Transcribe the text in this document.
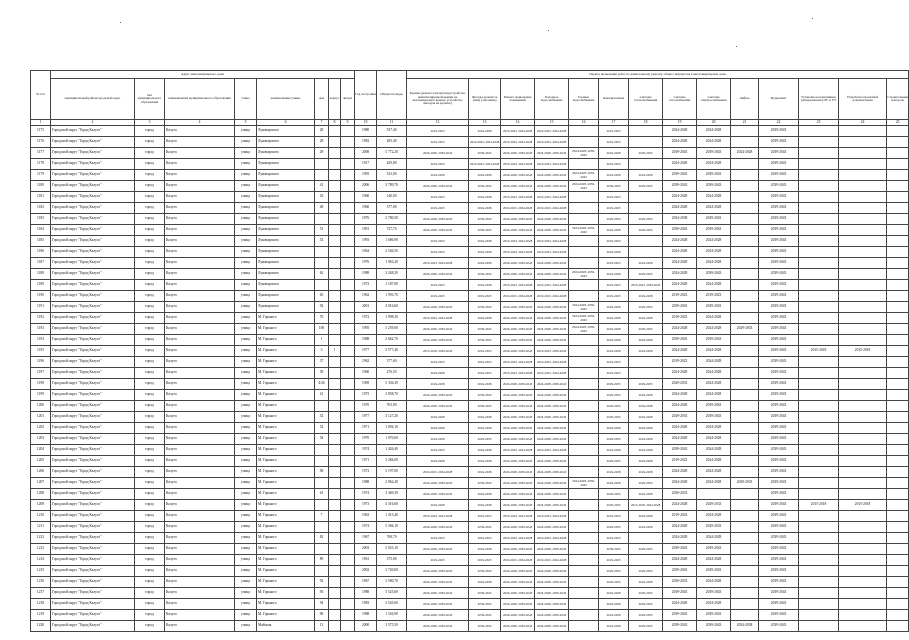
№ п/п	Адрес многоквартирного дома								Год постройки	Общая площадь	Период проведения работ по капитальному ремонту общего имущества в многоквартирном доме													
	муниципальный район/городской округ	тип муниципального образования	наименование муниципального образования	улица	наименование улицы	дом	корпус	литера			Крыша (ремонт и (или) переустройство невентилируемой крыши на вентилируемую крышу, устройство выходов на кровлю)	Фасады (ремонт и (или) утепление)	Ремонт подвальных помещений	Холодное водоснабжение	Горячее водоснабжение	Канализование	Система теплоснабжения	Система газоснабжения	Система электроснабжения	Лифты	Фундамент	Установка коллективных (общедомовых) ПУ и УУ	Разработка проектной документации	Строительный контроль
1	2	3	4	5	6	7	8	9	10	11	12	13	14	15	16	17	18	19	20	21	22	23	24	25
1175	Городской округ "Город Калуга"	город	Калуга	улица	Луначарского	28			1980	537,40	2019-2023	2024-2028	2019-2023, 2024-2028	2019-2023, 2024-2028		2019-2023		2024-2028	2024-2028		2039-2043			
1176	Городской округ "Город Калуга"	город	Калуга	улица	Луначарского	28			1982	283,40	2019-2023	2019-2023, 2024-2028	2019-2023, 2024-2028	2019-2023, 2024-2028		2019-2023		2024-2028	2024-2028		2039-2043			
1177	Городской округ "Город Калуга"	город	Калуга	улица	Луначарского	29			2008	5 772,20	2024-2028, 2039-2043	2039-2043	2024-2028, 2039-2043	2024-2028, 2039-2043	2024-2028, 2039-2043	2024-2028	2029-2033	2039-2043	2039-2043	2024-2028	2039-2043			
1178	Городской округ "Город Калуга"	город	Калуга	улица	Луначарского				1917	429,80	2019-2023	2019-2023, 2024-2028	2019-2023, 2024-2028	2019-2023, 2024-2028		2019-2023		2024-2028	2024-2028		2039-2043			
1179	Городской округ "Город Калуга"	город	Калуга	улица	Луначарского				1995	523,00	2024-2028	2024-2028	2024-2028, 2039-2043	2024-2028, 2039-2043	2024-2028, 2039-2043	2024-2028	2024-2028	2039-2043	2039-2043		2039-2043			
1180	Городской округ "Город Калуга"	город	Калуга	улица	Луначарского	41			2006	3 789,70	2024-2028, 2039-2043	2039-2043	2024-2028, 2039-2043	2024-2028, 2039-2043	2024-2028, 2039-2043	2039-2043	2029-2033	2039-2043	2039-2043		2039-2043			
1181	Городской округ "Город Калуга"	город	Калуга	улица	Луначарского	43			1960	140,00	2019-2023	2024-2028	2019-2023, 2024-2028	2019-2023, 2024-2028		2019-2023		2024-2028	2024-2028		2039-2043			
1182	Городской округ "Город Калуга"	город	Калуга	улица	Луначарского	48			1960	377,00	2019-2023	2024-2028	2019-2023, 2024-2028	2019-2023, 2024-2028		2019-2023		2024-2028	2024-2028		2039-2043			
1183	Городской округ "Город Калуга"	город	Калуга	улица	Луначарского				1976	2 780,50	2024-2028, 2039-2043	2039-2043	2024-2028, 2039-2043	2024-2028, 2039-2043		2029-2033	2029-2033	2034-2038	2039-2043		2039-2043			
1184	Городской округ "Город Калуга"	город	Калуга	улица	Луначарского	51			1991	727,70	2024-2028, 2039-2043	2039-2043	2024-2028, 2039-2043	2024-2028, 2039-2043	2024-2028, 2039-2043	2024-2028	2029-2033	2039-2043	2039-2043		2039-2043			
1185	Городской округ "Город Калуга"	город	Калуга	улица	Луначарского	53			1993	1 686,90	2019-2023	2024-2028	2019-2023, 2024-2028	2019-2023, 2024-2028		2019-2023		2024-2028	2024-2028		2039-2043			
1186	Городской округ "Город Калуга"	город	Калуга	улица	Луначарского				1964	2 546,50	2019-2023	2024-2028	2019-2023, 2024-2028	2019-2023, 2024-2028		2024-2028		2024-2028	2024-2028		2039-2043			
1187	Городской округ "Город Калуга"	город	Калуга	улица	Луначарского				1976	1 963,20	2019-2023, 2024-2028	2024-2028	2024-2028, 2039-2043	2024-2028, 2039-2043		2019-2023	2024-2028	2024-2028	2024-2028		2039-2043			
1188	Городской округ "Город Калуга"	город	Калуга	улица	Луначарского	62			1988	3 248,20	2024-2028, 2039-2043	2039-2043	2024-2028, 2039-2043	2024-2028, 2039-2043	2024-2028, 2039-2043	2024-2028	2029-2033	2024-2028	2039-2043		2039-2043			
1189	Городской округ "Город Калуга"	город	Калуга	улица	Луначарского				1972	1 187,80	2019-2023	2024-2028	2019-2023, 2024-2028	2019-2023, 2024-2028		2019-2023	2019-2023, 2039-2043	2024-2028	2024-2028		2039-2043			
1190	Городской округ "Город Калуга"	город	Калуга	улица	Луначарского	65			1962	1 993,70	2019-2023	2019-2023	2019-2023, 2024-2028	2019-2023, 2024-2028		2019-2023	2024-2028	2019-2023	2019-2023		2039-2043			
1191	Городской округ "Город Калуга"	город	Калуга	улица	Луначарского	92			2001	4 016,60	2024-2028, 2039-2043	2039-2043	2024-2028, 2039-2043	2024-2028, 2039-2043	2024-2028, 2039-2043	2024-2028	2029-2033	2039-2043	2039-2043		2039-2043			
1192	Городской округ "Город Калуга"	город	Калуга	улица	М. Горького	70			1972	1 998,30	2019-2023, 2024-2028	2024-2028	2024-2028, 2039-2043	2024-2028, 2039-2043	2024-2028, 2039-2043	2024-2028	2024-2028	2019-2023	2024-2028		2039-2043			
1193	Городской округ "Город Калуга"	город	Калуга	улица	М. Горького	100			1995	3 259,00	2024-2028, 2039-2043	2039-2043	2024-2028, 2039-2043	2024-2028, 2039-2043	2024-2028, 2039-2043	2024-2028	2029-2033	2024-2028	2024-2028	2029-2033	2039-2043			
1194	Городской округ "Город Калуга"	город	Калуга	улица	М. Горького	1			1988	2 662,70	2024-2028, 2039-2043	2039-2043	2024-2028, 2039-2043	2024-2028, 2039-2043		2024-2028	2024-2028	2039-2043	2039-2043		2039-2043			
1195	Городской округ "Город Калуга"	город	Калуга	улица	М. Горького	3	1		1977	3 577,40	2015-2018, 2039-2043	2019-2023	2024-2028, 2039-2043	2019-2023, 2039-2043		2024-2028	2024-2028	2024-2028	2024-2028		2039-2043	2015-2018	2015-2018	
1196	Городской округ "Город Калуга"	город	Калуга	улица	М. Горького	37			1962	377,60	2019-2023	2019-2023	2019-2023, 2024-2028	2019-2023, 2024-2028		2019-2023		2019-2023	2024-2028		2039-2043			
1197	Городской округ "Город Калуга"	город	Калуга	улица	М. Горького	39			1960	276,50	2024-2028	2019-2023	2019-2023, 2024-2028	2019-2023, 2024-2028		2019-2023		2024-2028	2024-2028		2039-2043			
1198	Городской округ "Город Калуга"	город	Калуга	улица	М. Горького	4/26			1969	5 336,30	2024-2028	2024-2028	2024-2028, 2039-2043	2024-2028, 2039-2043		2029-2033	2029-2033	2029-2033	2024-2028		2039-2043			
1199	Городской округ "Город Калуга"	город	Калуга	улица	М. Горького	41			1975	3 858,70	2024-2028, 2039-2043	2039-2043	2024-2028, 2039-2043	2024-2028, 2039-2043		2029-2033	2024-2028	2024-2028	2024-2028		2039-2043			
1200	Городской округ "Город Калуга"	город	Калуга	улица	М. Горького				1970	763,90	2024-2028, 2039-2043	2039-2043	2024-2028, 2039-2043	2024-2028, 2039-2043		2029-2033	2034-2038	2024-2028	2039-2043		2039-2043			
1201	Городской округ "Город Калуга"	город	Калуга	улица	М. Горького	52			1977	3 127,20	2024-2028	2024-2028	2024-2028, 2039-2043	2024-2028, 2039-2043		2029-2033	2024-2028	2029-2033	2039-2043		2039-2043			
1202	Городской округ "Город Калуга"	город	Калуга	улица	М. Горького	52			1971	1 094,10	2024-2028	2024-2028	2024-2028, 2039-2043	2024-2028, 2039-2043		2024-2028	2024-2028	2024-2028	2024-2028		2039-2043			
1203	Городской округ "Город Калуга"	город	Калуга	улица	М. Горького	54			1970	1 070,60	2024-2028	2029-2033	2024-2028, 2039-2043	2024-2028, 2039-2043		2029-2033	2024-2028	2024-2028	2024-2028		2039-2043			
1204	Городской округ "Город Калуга"	город	Калуга	улица	М. Горького				1974	1 426,40	2019-2023	2024-2028	2019-2023, 2024-2028	2019-2023, 2024-2028		2024-2028	2024-2028	2039-2043	2024-2028		2039-2043			
1205	Городской округ "Город Калуга"	город	Калуга	улица	М. Горького				1971	3 284,00	2024-2028	2024-2028	2024-2028, 2039-2043	2024-2028, 2039-2043		2029-2033	2024-2028	2019-2023	2024-2028		2039-2043			
1206	Городской округ "Город Калуга"	город	Калуга	улица	М. Горького	58			1972	3 197,00	2019-2023, 2024-2028	2024-2028	2024-2028, 2039-2043	2024-2028, 2039-2043		2024-2028	2024-2028	2024-2028	2024-2028		2039-2043			
1207	Городской округ "Город Калуга"	город	Калуга	улица	М. Горького				1988	2 962,40	2024-2028, 2039-2043	2039-2043	2024-2028, 2039-2043	2024-2028, 2039-2043	2024-2028, 2039-2043	2024-2028	2029-2033	2024-2028	2024-2028	2029-2033	2039-2043			
1208	Городской округ "Город Калуга"	город	Калуга	улица	М. Горького	61			1974	3 469,30	2024-2028, 2039-2043	2024-2028	2024-2028, 2039-2043	2024-2028, 2039-2043		2029-2033	2024-2028	2029-2033			2039-2043			
1209	Городской округ "Город Калуга"	город	Калуга	улица	М. Горького				1973	4 316,60	2024-2028	2024-2028	2024-2028, 2039-2043	2024-2028, 2039-2043		2029-2033	2015-2018, 2024-2028	2024-2028	2029-2033		2039-2043	2015-2018	2015-2018	
1210	Городской округ "Город Калуга"	город	Калуга	улица	М. Горького	7			1963	1 415,40	2019-2023, 2024-2028	2019-2023	2019-2023, 2024-2028	2019-2023, 2024-2028		2019-2023	2024-2028	2019-2023	2024-2028		2039-2043			
1211	Городской округ "Город Калуга"	город	Калуга	улица	М. Горького				1974	5 384,10	2024-2028, 2039-2043	2039-2043	2024-2028, 2039-2043	2024-2028, 2039-2043		2029-2033	2024-2028	2024-2028	2029-2033		2039-2043			
1212	Городской округ "Город Калуга"	город	Калуга	улица	М. Горького	82			1967	768,70	2019-2023	2019-2023	2019-2023, 2024-2028	2019-2023, 2024-2028		2019-2023		2024-2028	2024-2028		2039-2043			
1213	Городской округ "Город Калуга"	город	Калуга	улица	М. Горького				2003	5 023,10	2024-2028, 2039-2043	2024-2028	2024-2028, 2039-2043	2024-2028, 2039-2043		2039-2043	2029-2033	2039-2043	2039-2043		2039-2043			
1214	Городской округ "Город Калуга"	город	Калуга	улица	М. Горького	89			1961	375,00	2019-2023	2019-2023	2019-2023, 2024-2028	2019-2023, 2024-2028		2019-2023		2024-2028	2024-2028		2039-2043			
1215	Городской округ "Город Калуга"	город	Калуга	улица	М. Горького				2002	3 720,00	2024-2028, 2039-2043	2039-2043	2024-2028, 2039-2043	2024-2028, 2039-2043		2029-2033	2029-2033	2039-2043	2039-2043		2039-2043			
1216	Городской округ "Город Калуга"	город	Калуга	улица	М. Горького	92			1967	3 580,70	2024-2028, 2039-2043	2024-2028	2024-2028, 2039-2043	2024-2028, 2039-2043		2029-2033	2024-2028	2029-2033	2024-2028		2039-2043			
1217	Городской округ "Город Калуга"	город	Калуга	улица	М. Горького	93			1988	3 525,60	2024-2028, 2039-2043	2039-2043	2024-2028, 2039-2043	2024-2028, 2039-2043		2024-2028	2029-2033	2039-2043	2039-2043		2039-2043			
1218	Городской округ "Город Калуга"	город	Калуга	улица	М. Горького	94			1983	3 545,60	2024-2028, 2039-2043	2039-2043	2024-2028, 2039-2043	2024-2028, 2039-2043		2024-2028	2029-2033	2024-2028	2024-2028		2039-2043			
1219	Городской округ "Город Калуга"	город	Калуга	улица	М. Горького	96			1988	1 526,90	2024-2028, 2039-2043	2039-2043	2024-2028, 2039-2043	2024-2028, 2039-2043		2024-2028	2029-2033	2039-2043	2039-2043		2039-2043			
1220	Городской округ "Город Калуга"	город	Калуга	улица	Майская	13			2000	3 575,50	2024-2028, 2039-2043	2039-2043	2024-2028, 2039-2043	2024-2028, 2039-2043		2024-2028	2029-2033	2039-2043	2039-2043	2034-2038	2039-2043			
